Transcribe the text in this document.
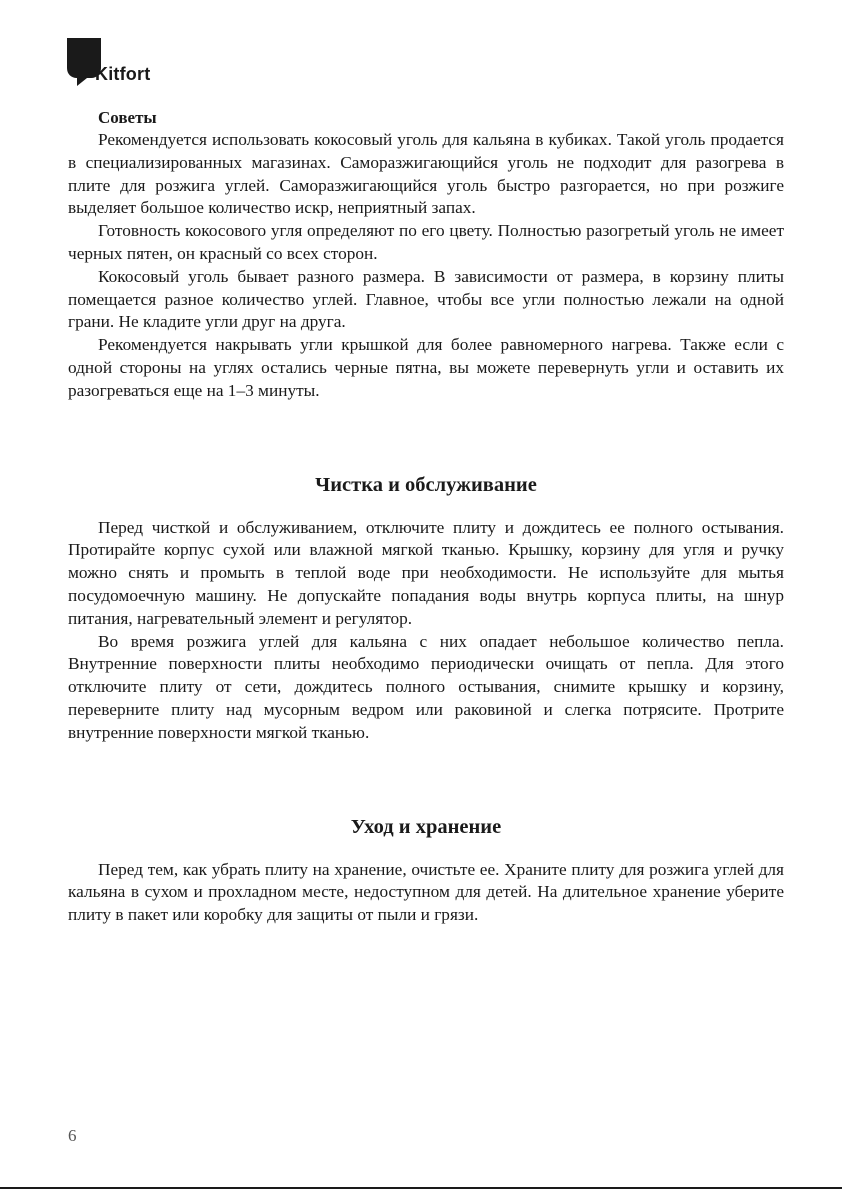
Kitfort

Советы

Рекомендуется использовать кокосовый уголь для кальяна в кубиках. Такой уголь продается в специализированных магазинах. Саморазжигающийся уголь не подходит для разогрева в плите для розжига углей. Саморазжигающийся уголь быстро разгорается, но при розжиге выделяет большое количество искр, неприятный запах.

Готовность кокосового угля определяют по его цвету. Полностью разогретый уголь не имеет черных пятен, он красный со всех сторон.

Кокосовый уголь бывает разного размера. В зависимости от размера, в корзину плиты помещается разное количество углей. Главное, чтобы все угли полностью лежали на одной грани. Не кладите угли друг на друга.

Рекомендуется накрывать угли крышкой для более равномерного нагрева. Также если с одной стороны на углях остались черные пятна, вы можете перевернуть угли и оставить их разогреваться еще на 1–3 минуты.

Чистка и обслуживание

Перед чисткой и обслуживанием, отключите плиту и дождитесь ее полного остывания. Протирайте корпус сухой или влажной мягкой тканью. Крышку, корзину для угля и ручку можно снять и промыть в теплой воде при необходимости. Не используйте для мытья посудомоечную машину. Не допускайте попадания воды внутрь корпуса плиты, на шнур питания, нагревательный элемент и регулятор.

Во время розжига углей для кальяна с них опадает небольшое количество пепла. Внутренние поверхности плиты необходимо периодически очищать от пепла. Для этого отключите плиту от сети, дождитесь полного остывания, снимите крышку и корзину, переверните плиту над мусорным ведром или раковиной и слегка потрясите. Протрите внутренние поверхности мягкой тканью.

Уход и хранение

Перед тем, как убрать плиту на хранение, очистьте ее. Храните плиту для розжига углей для кальяна в сухом и прохладном месте, недоступном для детей. На длительное хранение уберите плиту в пакет или коробку для защиты от пыли и грязи.

6
